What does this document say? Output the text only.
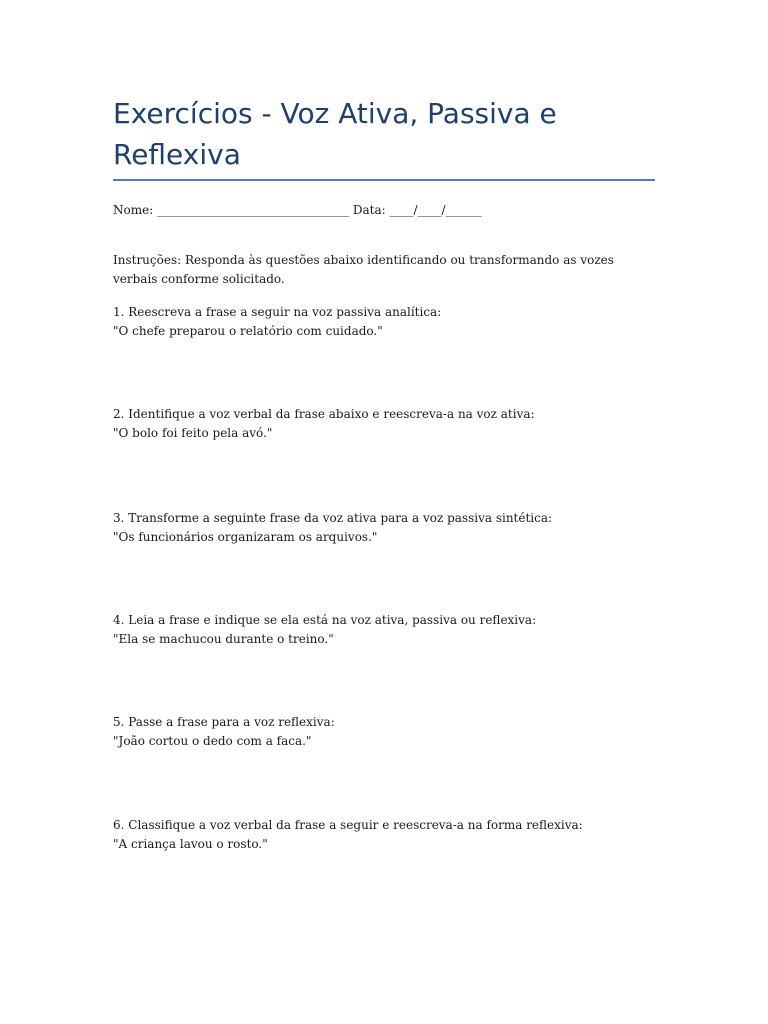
Exercícios - Voz Ativa, Passiva e Reflexiva
Nome: ________________________________ Data: ____/____/______

Instruções: Responda às questões abaixo identificando ou transformando as vozes verbais conforme solicitado.

1. Reescreva a frase a seguir na voz passiva analítica:

"O chefe preparou o relatório com cuidado."

2. Identifique a voz verbal da frase abaixo e reescreva-a na voz ativa:

"O bolo foi feito pela avó."

3. Transforme a seguinte frase da voz ativa para a voz passiva sintética:

"Os funcionários organizaram os arquivos."

4. Leia a frase e indique se ela está na voz ativa, passiva ou reflexiva:

"Ela se machucou durante o treino."

5. Passe a frase para a voz reflexiva:

"João cortou o dedo com a faca."

6. Classifique a voz verbal da frase a seguir e reescreva-a na forma reflexiva:

"A criança lavou o rosto."
